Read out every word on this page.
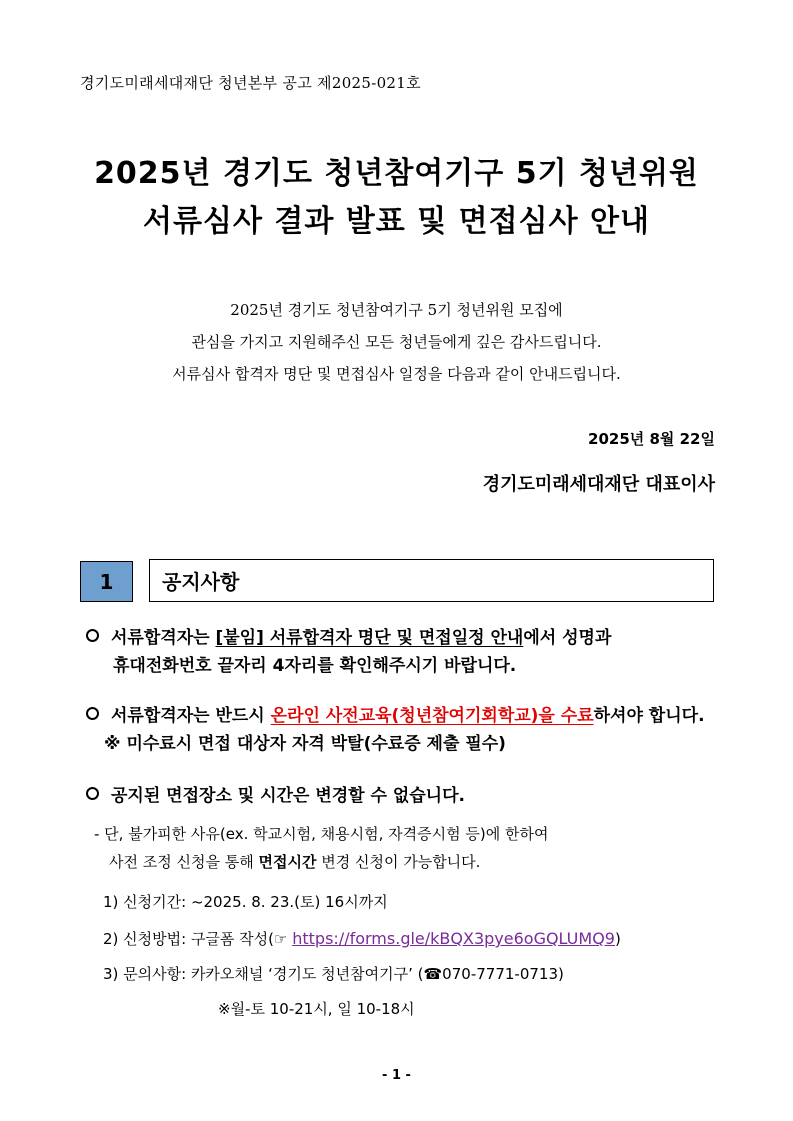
경기도미래세대재단 청년본부 공고 제2025-021호
2025년 경기도 청년참여기구 5기 청년위원
서류심사 결과 발표 및 면접심사 안내
2025년 경기도 청년참여기구 5기 청년위원 모집에
관심을 가지고 지원해주신 모든 청년들에게 깊은 감사드립니다.
서류심사 합격자 명단 및 면접심사 일정을 다음과 같이 안내드립니다.
2025년 8월 22일
경기도미래세대재단 대표이사
1	공지사항
서류합격자는 [붙임] 서류합격자 명단 및 면접일정 안내에서 성명과
휴대전화번호 끝자리 4자리를 확인해주시기 바랍니다.
서류합격자는 반드시 온라인 사전교육(청년참여기회학교)을 수료하셔야 합니다.
※ 미수료시 면접 대상자 자격 박탈(수료증 제출 필수)
공지된 면접장소 및 시간은 변경할 수 없습니다.
- 단, 불가피한 사유(ex. 학교시험, 채용시험, 자격증시험 등)에 한하여
사전 조정 신청을 통해 면접시간 변경 신청이 가능합니다.
1) 신청기간: ~2025. 8. 23.(토) 16시까지
2) 신청방법: 구글폼 작성(☞ https://forms.gle/kBQX3pye6oGQLUMQ9)
3) 문의사항: 카카오채널 ‘경기도 청년참여기구’ (☎070-7771-0713)
※월-토 10-21시, 일 10-18시
- 1 -
